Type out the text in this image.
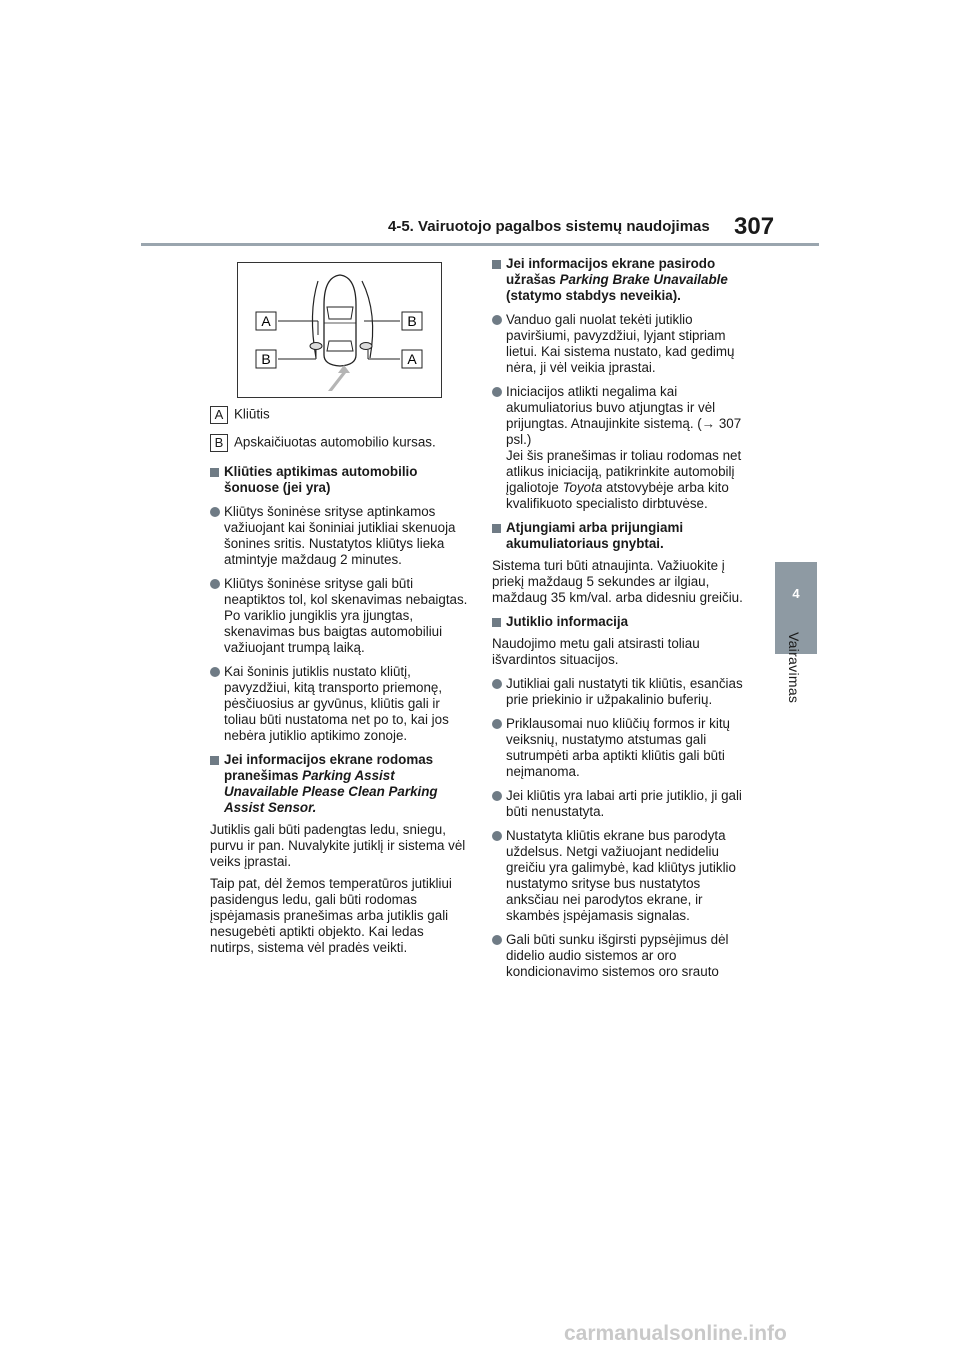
4-5. Vairuotojo pagalbos sistemų naudojimas 307
4
Vairavimas
A	B
B	A
A Kliūtis
B Apskaičiuotas automobilio kursas.

Kliūties aptikimas automobilio šonuose (jei yra)

Kliūtys šoninėse srityse aptinkamos važiuojant kai šoniniai jutikliai skenuoja šonines sritis. Nustatytos kliūtys lieka atmintyje maždaug 2 minutes.

Kliūtys šoninėse srityse gali būti neaptiktos tol, kol skenavimas nebaigtas. Po variklio jungiklis yra įjungtas, skenavimas bus baigtas automobiliui važiuojant trumpą laiką.

Kai šoninis jutiklis nustato kliūtį, pavyzdžiui, kitą transporto priemonę, pėsčiuosius ar gyvūnus, kliūtis gali ir toliau būti nustatoma net po to, kai jos nebėra jutiklio aptikimo zonoje.

Jei informacijos ekrane rodomas pranešimas Parking Assist Unavailable Please Clean Parking Assist Sensor.

Jutiklis gali būti padengtas ledu, sniegu, purvu ir pan. Nuvalykite jutiklį ir sistema vėl veiks įprastai.

Taip pat, dėl žemos temperatūros jutikliui pasidengus ledu, gali būti rodomas įspėjamasis pranešimas arba jutiklis gali nesugebėti aptikti objekto. Kai ledas nutirps, sistema vėl pradės veikti.

Jei informacijos ekrane pasirodo užrašas Parking Brake Unavailable (statymo stabdys neveikia).

Vanduo gali nuolat tekėti jutiklio paviršiumi, pavyzdžiui, lyjant stipriam lietui. Kai sistema nustato, kad gedimų nėra, ji vėl veikia įprastai.

Iniciacijos atlikti negalima kai akumuliatorius buvo atjungtas ir vėl prijungtas. Atnaujinkite sistemą. (→ 307 psl.)
Jei šis pranešimas ir toliau rodomas net atlikus iniciaciją, patikrinkite automobilį įgaliotoje Toyota atstovybėje arba kito kvalifikuoto specialisto dirbtuvėse.

Atjungiami arba prijungiami akumuliatoriaus gnybtai.

Sistema turi būti atnaujinta. Važiuokite į priekį maždaug 5 sekundes ar ilgiau, maždaug 35 km/val. arba didesniu greičiu.

Jutiklio informacija

Naudojimo metu gali atsirasti toliau išvardintos situacijos.

Jutikliai gali nustatyti tik kliūtis, esančias prie priekinio ir užpakalinio buferių.

Priklausomai nuo kliūčių formos ir kitų veiksnių, nustatymo atstumas gali sutrumpėti arba aptikti kliūtis gali būti neįmanoma.

Jei kliūtis yra labai arti prie jutiklio, ji gali būti nenustatyta.

Nustatyta kliūtis ekrane bus parodyta uždelsus. Netgi važiuojant nedideliu greičiu yra galimybė, kad kliūtys jutiklio nustatymo srityse bus nustatytos anksčiau nei parodytos ekrane, ir skambės įspėjamasis signalas.

Gali būti sunku išgirsti pypsėjimus dėl didelio audio sistemos ar oro kondicionavimo sistemos oro srauto

carmanualsonline.info
